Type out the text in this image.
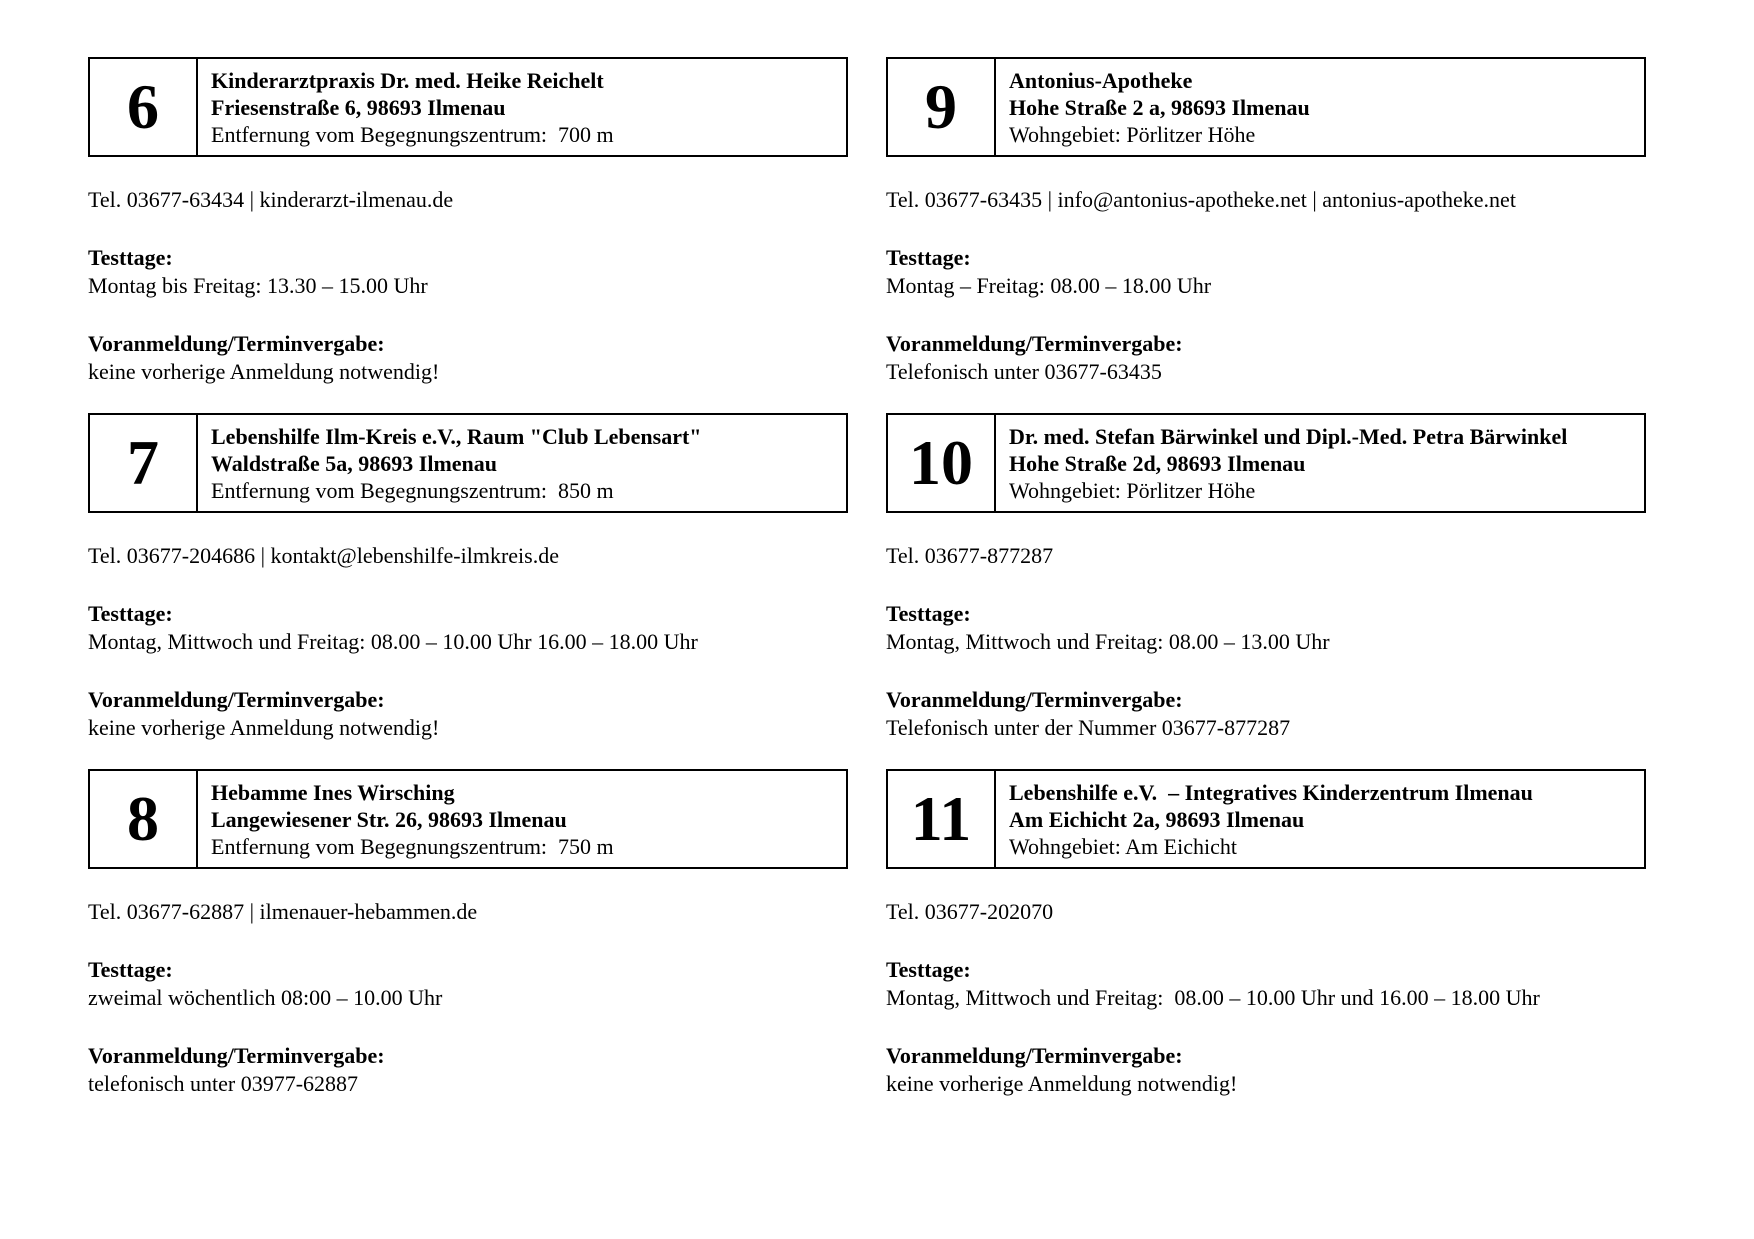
6	Kinderarztpraxis Dr. med. Heike Reichelt
Friesenstraße 6, 98693 Ilmenau
Entfernung vom Begegnungszentrum:  700 m

Tel. 03677-63434 | kinderarzt-ilmenau.de

Testtage:

Montag bis Freitag: 13.30 – 15.00 Uhr

Voranmeldung/Terminvergabe:

keine vorherige Anmeldung notwendig!

7	Lebenshilfe Ilm-Kreis e.V., Raum "Club Lebensart"
Waldstraße 5a, 98693 Ilmenau
Entfernung vom Begegnungszentrum:  850 m

Tel. 03677-204686 | kontakt@lebenshilfe-ilmkreis.de

Testtage:

Montag, Mittwoch und Freitag: 08.00 – 10.00 Uhr 16.00 – 18.00 Uhr

Voranmeldung/Terminvergabe:

keine vorherige Anmeldung notwendig!

8	Hebamme Ines Wirsching
Langewiesener Str. 26, 98693 Ilmenau
Entfernung vom Begegnungszentrum:  750 m

Tel. 03677-62887 | ilmenauer-hebammen.de

Testtage:

zweimal wöchentlich 08:00 – 10.00 Uhr

Voranmeldung/Terminvergabe:

telefonisch unter 03977-62887

9	Antonius-Apotheke
Hohe Straße 2 a, 98693 Ilmenau
Wohngebiet: Pörlitzer Höhe

Tel. 03677-63435 | info@antonius-apotheke.net | antonius-apotheke.net

Testtage:

Montag – Freitag: 08.00 – 18.00 Uhr

Voranmeldung/Terminvergabe:

Telefonisch unter 03677-63435

10	Dr. med. Stefan Bärwinkel und Dipl.-Med. Petra Bärwinkel
Hohe Straße 2d, 98693 Ilmenau
Wohngebiet: Pörlitzer Höhe

Tel. 03677-877287

Testtage:

Montag, Mittwoch und Freitag: 08.00 – 13.00 Uhr

Voranmeldung/Terminvergabe:

Telefonisch unter der Nummer 03677-877287

11	Lebenshilfe e.V.  – Integratives Kinderzentrum Ilmenau
Am Eichicht 2a, 98693 Ilmenau
Wohngebiet: Am Eichicht

Tel. 03677-202070

Testtage:

Montag, Mittwoch und Freitag:  08.00 – 10.00 Uhr und 16.00 – 18.00 Uhr

Voranmeldung/Terminvergabe:

keine vorherige Anmeldung notwendig!
